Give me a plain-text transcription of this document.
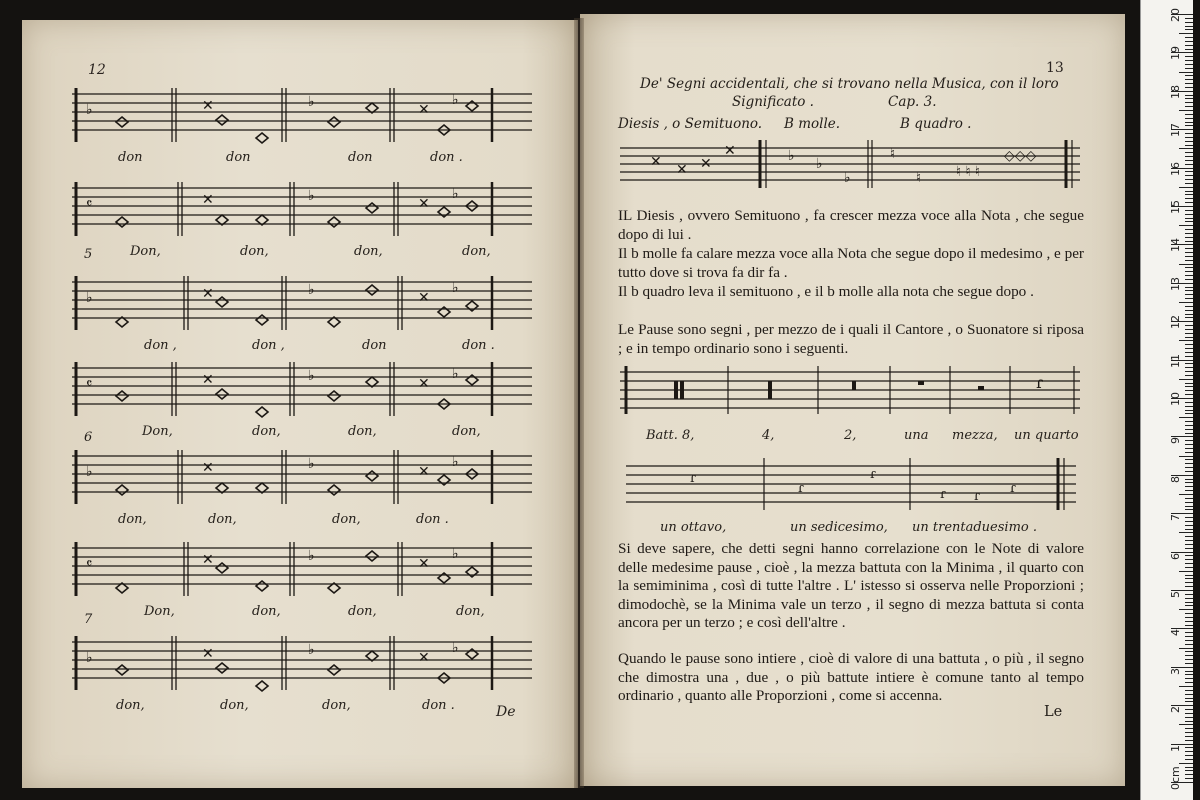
12
♭	✕	♭	✕
♭
don	don	don	don .
𝄴	✕	♭	✕
♭
Don,	don,	don,	don,
5
♭	✕	♭	✕
♭
don ,	don ,	don	don .
𝄴	✕	♭	✕
♭
Don,	don,	don,	don,
6
♭	✕	♭	✕
♭
don,	don,	don,	don .
𝄴	✕	♭	✕
♭
Don,	don,	don,	don,
7
♭	✕	♭	✕
♭
don,	don,	don,	don .	De
13
De' Segni accidentali, che si trovano nella Musica, con il loro
Significato .	Cap. 3.
Diesis , o Semituono. B molle.	B quadro .
✕ ✕ ✕
✕	♭ ♭
♭
♮
♮ ♮ ♮ ♮
◇◇◇
IL Diesis , ovvero Semituono , fa crescer mezza voce alla Nota , che segue dopo di lui .
Il b molle fa calare mezza voce alla Nota che segue dopo il medesimo , e per tutto dove si trova fa dir fa .
Il b quadro leva il semituono , e il b molle alla nota che segue dopo .
Le Pause sono segni , per mezzo de i quali il Cantore , o Suonatore si riposa ; e in tempo ordinario sono i seguenti.
ɾ
Batt. 8,	4,	2,	una mezza, un quarto
ɾ
ɾ
ɾ
ɾ ɾ
ɾ
un ottavo,	un sedicesimo, un trentaduesimo .
Si deve sapere, che detti segni hanno correlazione con le Note di valore delle medesime pause , cioè , la mezza battuta con la Minima , il quarto con la semiminima , così di tutte l'altre . L' istesso si osserva nelle Proporzioni ; dimodochè, se la Minima vale un terzo , il segno di mezza battuta si conta ancora per un terzo ; e così dell'altre .
Quando le pause sono intiere , cioè di valore di una battuta , o più , il segno che dimostra una , due , o più battute intiere è comune tanto al tempo ordinario , quanto alle Proporzioni , come si accenna.
Le
20
19
18
17
16
15
14
13
12
11
10
9
8
7
6
5
4
3
2
1
0cm
